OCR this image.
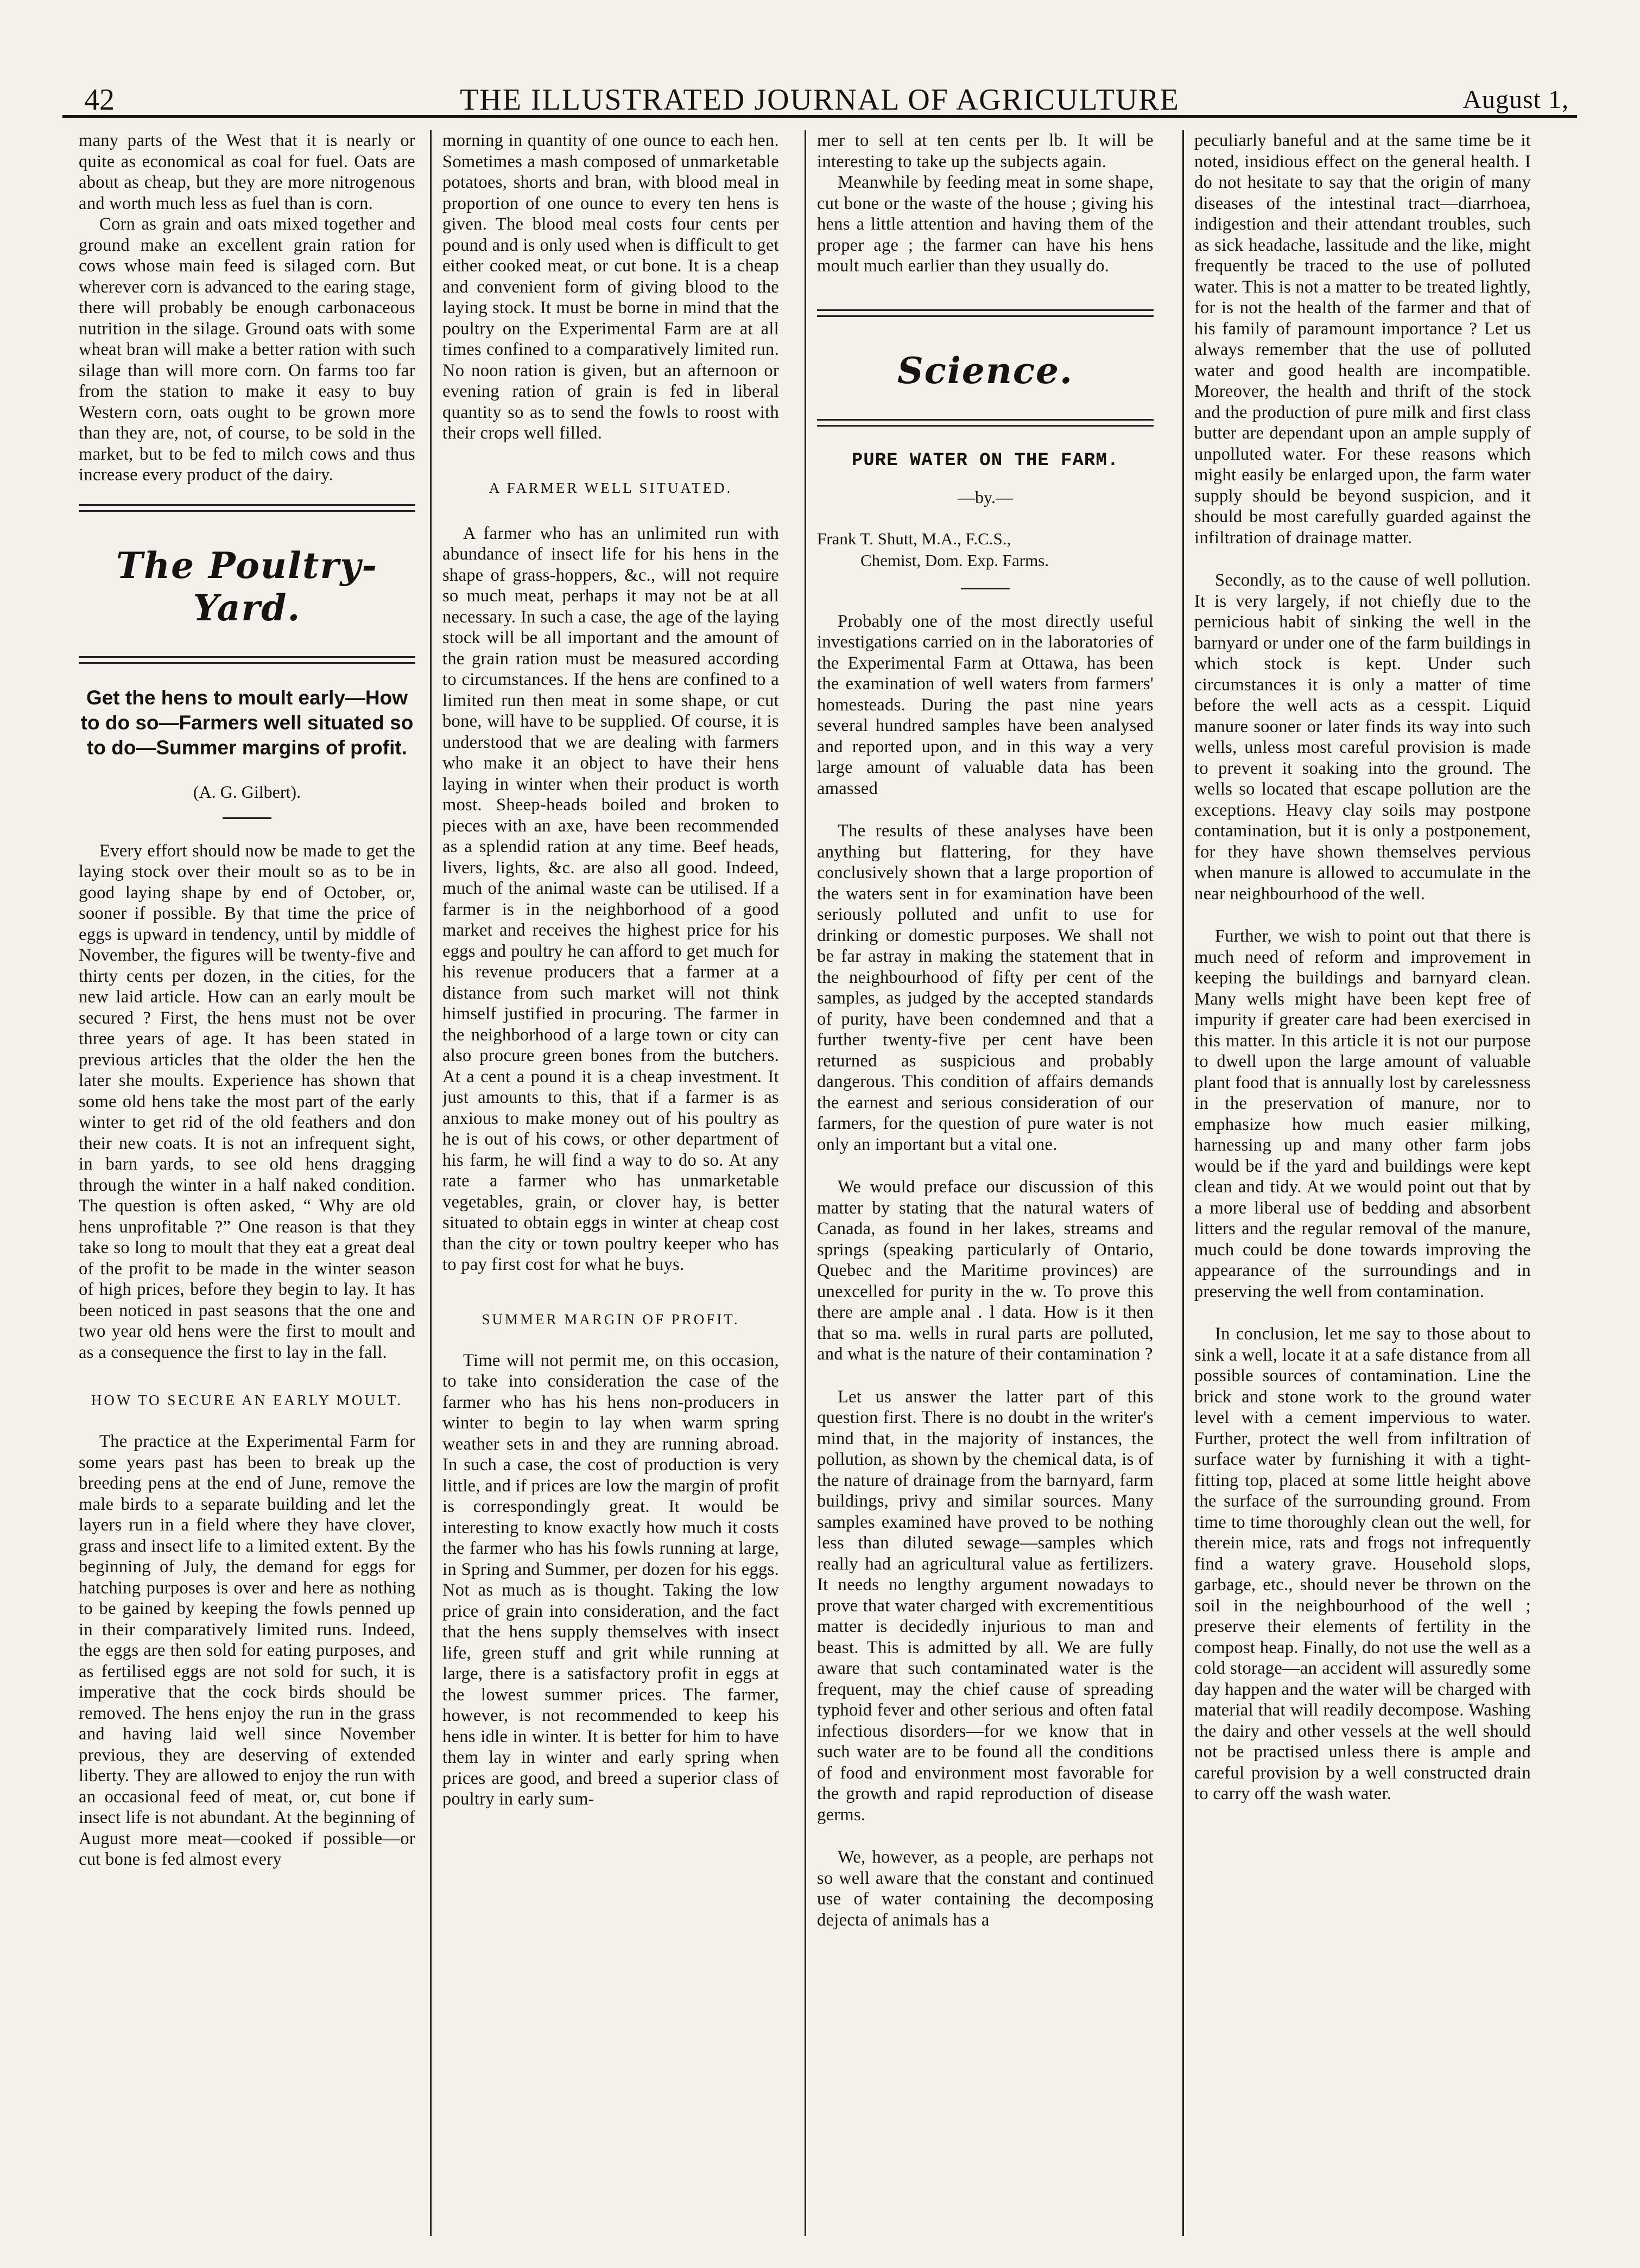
42	THE ILLUSTRATED JOURNAL OF AGRICULTURE	August 1,

many parts of the West that it is nearly or quite as economical as coal for fuel. Oats are about as cheap, but they are more nitrogenous and worth much less as fuel than is corn.

Corn as grain and oats mixed together and ground make an excellent grain ration for cows whose main feed is silaged corn. But wherever corn is advanced to the earing stage, there will probably be enough carbonaceous nutrition in the silage. Ground oats with some wheat bran will make a better ration with such silage than will more corn. On farms too far from the station to make it easy to buy Western corn, oats ought to be grown more than they are, not, of course, to be sold in the market, but to be fed to milch cows and thus increase every product of the dairy.

The Poultry-Yard.
Get the hens to moult early—How to do so—Farmers well situated so to do—Summer margins of profit.
(A. G. Gilbert).

Every effort should now be made to get the laying stock over their moult so as to be in good laying shape by end of October, or, sooner if possible. By that time the price of eggs is upward in tendency, until by middle of November, the figures will be twenty-five and thirty cents per dozen, in the cities, for the new laid article. How can an early moult be secured ? First, the hens must not be over three years of age. It has been stated in previous articles that the older the hen the later she moults. Experience has shown that some old hens take the most part of the early winter to get rid of the old feathers and don their new coats. It is not an infrequent sight, in barn yards, to see old hens dragging through the winter in a half naked condition. The question is often asked, “ Why are old hens unprofitable ?” One reason is that they take so long to moult that they eat a great deal of the profit to be made in the winter season of high prices, before they begin to lay. It has been noticed in past seasons that the one and two year old hens were the first to moult and as a consequence the first to lay in the fall.

HOW TO SECURE AN EARLY MOULT.

The practice at the Experimental Farm for some years past has been to break up the breeding pens at the end of June, remove the male birds to a separate building and let the layers run in a field where they have clover, grass and insect life to a limited extent. By the beginning of July, the demand for eggs for hatching purposes is over and here as nothing to be gained by keeping the fowls penned up in their comparatively limited runs. Indeed, the eggs are then sold for eating purposes, and as fertilised eggs are not sold for such, it is imperative that the cock birds should be removed. The hens enjoy the run in the grass and having laid well since November previous, they are deserving of extended liberty. They are allowed to enjoy the run with an occasional feed of meat, or, cut bone if insect life is not abundant. At the beginning of August more meat—cooked if possible—or cut bone is fed almost every

morning in quantity of one ounce to each hen. Sometimes a mash composed of unmarketable potatoes, shorts and bran, with blood meal in proportion of one ounce to every ten hens is given. The blood meal costs four cents per pound and is only used when is difficult to get either cooked meat, or cut bone. It is a cheap and convenient form of giving blood to the laying stock. It must be borne in mind that the poultry on the Experimental Farm are at all times confined to a comparatively limited run. No noon ration is given, but an afternoon or evening ration of grain is fed in liberal quantity so as to send the fowls to roost with their crops well filled.

A FARMER WELL SITUATED.

A farmer who has an unlimited run with abundance of insect life for his hens in the shape of grass-hoppers, &c., will not require so much meat, perhaps it may not be at all necessary. In such a case, the age of the laying stock will be all important and the amount of the grain ration must be measured according to circumstances. If the hens are confined to a limited run then meat in some shape, or cut bone, will have to be supplied. Of course, it is understood that we are dealing with farmers who make it an object to have their hens laying in winter when their product is worth most. Sheep-heads boiled and broken to pieces with an axe, have been recommended as a splendid ration at any time. Beef heads, livers, lights, &c. are also all good. Indeed, much of the animal waste can be utilised. If a farmer is in the neighborhood of a good market and receives the highest price for his eggs and poultry he can afford to get much for his revenue producers that a farmer at a distance from such market will not think himself justified in procuring. The farmer in the neighborhood of a large town or city can also procure green bones from the butchers. At a cent a pound it is a cheap investment. It just amounts to this, that if a farmer is as anxious to make money out of his poultry as he is out of his cows, or other department of his farm, he will find a way to do so. At any rate a farmer who has unmarketable vegetables, grain, or clover hay, is better situated to obtain eggs in winter at cheap cost than the city or town poultry keeper who has to pay first cost for what he buys.

SUMMER MARGIN OF PROFIT.

Time will not permit me, on this occasion, to take into consideration the case of the farmer who has his hens non-producers in winter to begin to lay when warm spring weather sets in and they are running abroad. In such a case, the cost of production is very little, and if prices are low the margin of profit is correspondingly great. It would be interesting to know exactly how much it costs the farmer who has his fowls running at large, in Spring and Summer, per dozen for his eggs. Not as much as is thought. Taking the low price of grain into consideration, and the fact that the hens supply themselves with insect life, green stuff and grit while running at large, there is a satisfactory profit in eggs at the lowest summer prices. The farmer, however, is not recommended to keep his hens idle in winter. It is better for him to have them lay in winter and early spring when prices are good, and breed a superior class of poultry in early sum-

mer to sell at ten cents per lb. It will be interesting to take up the subjects again.

Meanwhile by feeding meat in some shape, cut bone or the waste of the house ; giving his hens a little attention and having them of the proper age ; the farmer can have his hens moult much earlier than they usually do.

Science.
PURE WATER ON THE FARM.
—by.—
Frank T. Shutt, M.A., F.C.S.,
Chemist, Dom. Exp. Farms.

Probably one of the most directly useful investigations carried on in the laboratories of the Experimental Farm at Ottawa, has been the examination of well waters from farmers' homesteads. During the past nine years several hundred samples have been analysed and reported upon, and in this way a very large amount of valuable data has been amassed

The results of these analyses have been anything but flattering, for they have conclusively shown that a large proportion of the waters sent in for examination have been seriously polluted and unfit to use for drinking or domestic purposes. We shall not be far astray in making the statement that in the neighbourhood of fifty per cent of the samples, as judged by the accepted standards of purity, have been condemned and that a further twenty-five per cent have been returned as suspicious and probably dangerous. This condition of affairs demands the earnest and serious consideration of our farmers, for the question of pure water is not only an important but a vital one.

We would preface our discussion of this matter by stating that the natural waters of Canada, as found in her lakes, streams and springs (speaking particularly of Ontario, Quebec and the Maritime provinces) are unexcelled for purity in the w. To prove this there are ample anal . l data. How is it then that so ma. wells in rural parts are polluted, and what is the nature of their contamination ?

Let us answer the latter part of this question first. There is no doubt in the writer's mind that, in the majority of instances, the pollution, as shown by the chemical data, is of the nature of drainage from the barnyard, farm buildings, privy and similar sources. Many samples examined have proved to be nothing less than diluted sewage—samples which really had an agricultural value as fertilizers. It needs no lengthy argument nowadays to prove that water charged with excrementitious matter is decidedly injurious to man and beast. This is admitted by all. We are fully aware that such contaminated water is the frequent, may the chief cause of spreading typhoid fever and other serious and often fatal infectious disorders—for we know that in such water are to be found all the conditions of food and environment most favorable for the growth and rapid reproduction of disease germs.

We, however, as a people, are perhaps not so well aware that the constant and continued use of water containing the decomposing dejecta of animals has a

peculiarly baneful and at the same time be it noted, insidious effect on the general health. I do not hesitate to say that the origin of many diseases of the intestinal tract—diarrhoea, indigestion and their attendant troubles, such as sick headache, lassitude and the like, might frequently be traced to the use of polluted water. This is not a matter to be treated lightly, for is not the health of the farmer and that of his family of paramount importance ? Let us always remember that the use of polluted water and good health are incompatible. Moreover, the health and thrift of the stock and the production of pure milk and first class butter are dependant upon an ample supply of unpolluted water. For these reasons which might easily be enlarged upon, the farm water supply should be beyond suspicion, and it should be most carefully guarded against the infiltration of drainage matter.

Secondly, as to the cause of well pollution. It is very largely, if not chiefly due to the pernicious habit of sinking the well in the barnyard or under one of the farm buildings in which stock is kept. Under such circumstances it is only a matter of time before the well acts as a cesspit. Liquid manure sooner or later finds its way into such wells, unless most careful provision is made to prevent it soaking into the ground. The wells so located that escape pollution are the exceptions. Heavy clay soils may postpone contamination, but it is only a postponement, for they have shown themselves pervious when manure is allowed to accumulate in the near neighbourhood of the well.

Further, we wish to point out that there is much need of reform and improvement in keeping the buildings and barnyard clean. Many wells might have been kept free of impurity if greater care had been exercised in this matter. In this article it is not our purpose to dwell upon the large amount of valuable plant food that is annually lost by carelessness in the preservation of manure, nor to emphasize how much easier milking, harnessing up and many other farm jobs would be if the yard and buildings were kept clean and tidy. At we would point out that by a more liberal use of bedding and absorbent litters and the regular removal of the manure, much could be done towards improving the appearance of the surroundings and in preserving the well from contamination.

In conclusion, let me say to those about to sink a well, locate it at a safe distance from all possible sources of contamination. Line the brick and stone work to the ground water level with a cement impervious to water. Further, protect the well from infiltration of surface water by furnishing it with a tight-fitting top, placed at some little height above the surface of the surrounding ground. From time to time thoroughly clean out the well, for therein mice, rats and frogs not infrequently find a watery grave. Household slops, garbage, etc., should never be thrown on the soil in the neighbourhood of the well ; preserve their elements of fertility in the compost heap. Finally, do not use the well as a cold storage—an accident will assuredly some day happen and the water will be charged with material that will readily decompose. Washing the dairy and other vessels at the well should not be practised unless there is ample and careful provision by a well constructed drain to carry off the wash water.
